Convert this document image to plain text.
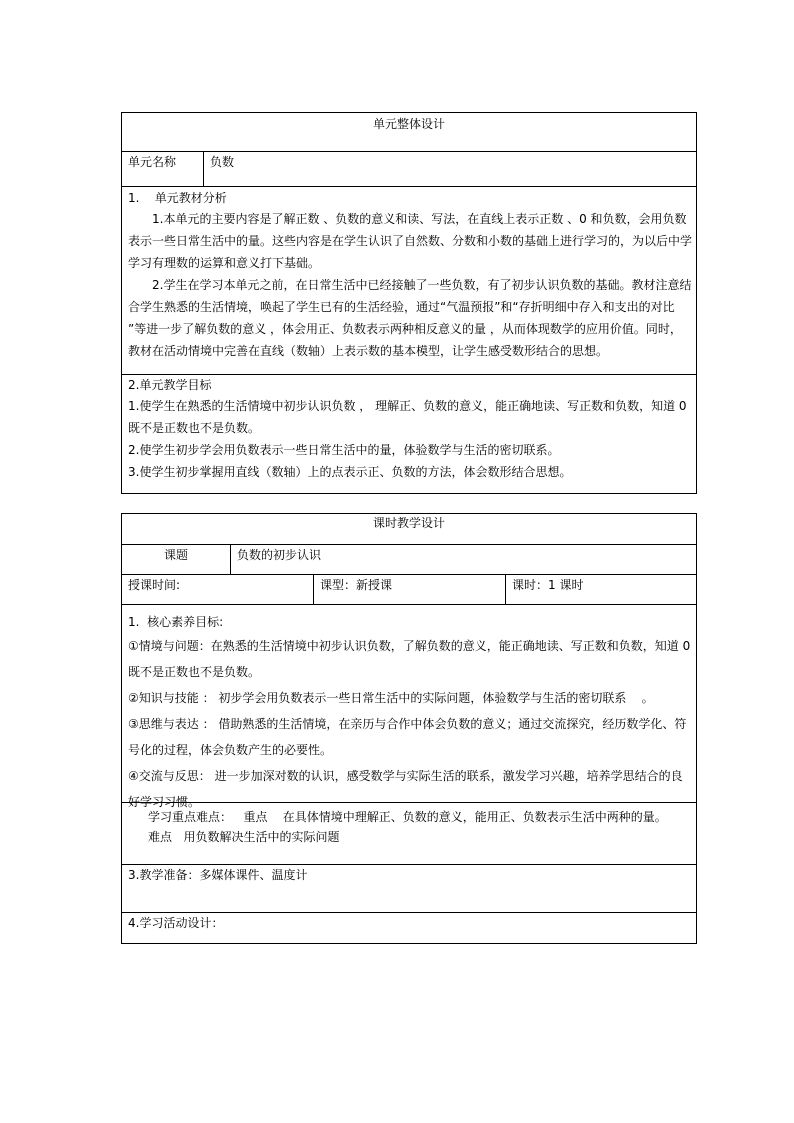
单元整体设计
单元名称	负数

1.    单元教材分析

1.本单元的主要内容是了解正数 、负数的意义和读、写法，在直线上表示正数 、0 和负数，会用负数表示一些日常生活中的量。这些内容是在学生认识了自然数、分数和小数的基础上进行学习的，为以后中学学习有理数的运算和意义打下基础。

2.学生在学习本单元之前，在日常生活中已经接触了一些负数，有了初步认识负数的基础。教材注意结合学生熟悉的生活情境，唤起了学生已有的生活经验，通过“气温预报”和“存折明细中存入和支出的对比 ”等进一步了解负数的意义 ，体会用正、负数表示两种相反意义的量 ，从而体现数学的应用价值。同时，教材在活动情境中完善在直线（数轴）上表示数的基本模型，让学生感受数形结合的思想。

2.单元教学目标

1.使学生在熟悉的生活情境中初步认识负数 ， 理解正、负数的意义，能正确地读、写正数和负数，知道 0 既不是正数也不是负数。

2.使学生初步学会用负数表示一些日常生活中的量，体验数学与生活的密切联系。

3.使学生初步掌握用直线（数轴）上的点表示正、负数的方法，体会数形结合思想。

课时教学设计
课题	负数的初步认识
授课时间:	课型：新授课	课时：1 课时

1.  核心素养目标:

①情境与问题：在熟悉的生活情境中初步认识负数，了解负数的意义，能正确地读、写正数和负数，知道 0 既不是正数也不是负数。

②知识与技能 ： 初步学会用负数表示一些日常生活中的实际问题，体验数学与生活的密切联系    。

③思维与表达 ： 借助熟悉的生活情境，在亲历与合作中体会负数的意义；通过交流探究，经历数学化、符号化的过程，体会负数产生的必要性。

④交流与反思： 进一步加深对数的认识，感受数学与实际生活的联系，激发学习兴趣，培养学思结合的良好学习习惯。

学习重点难点：   重点    在具体情境中理解正、负数的意义，能用正、负数表示生活中两种的量。

难点   用负数解决生活中的实际问题

3.教学准备：多媒体课件、温度计

4.学习活动设计：
